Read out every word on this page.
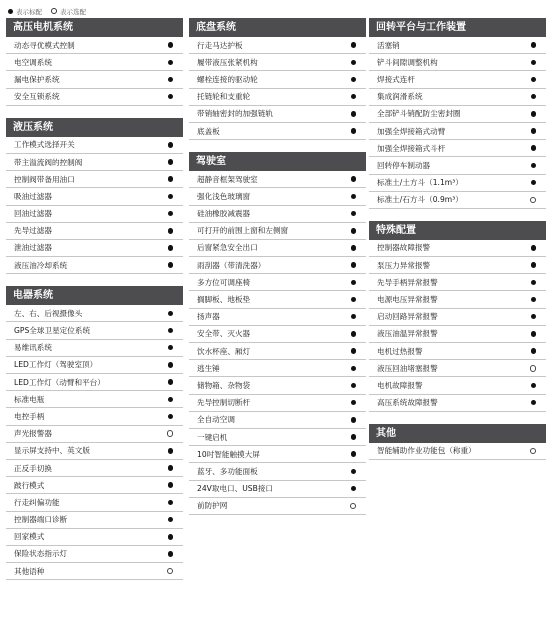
表示标配	表示选配
高压电机系统
动态寻优模式控制
电空调系统
漏电保护系统
安全互锁系统
液压系统
工作模式选择开关
带主溢流阀的控制阀
控制阀带备用油口
吸油过滤器
回油过滤器
先导过滤器
泄油过滤器
液压油冷却系统
电器系统
左、右、后视摄像头
GPS全球卫星定位系统
易维讯系统
LED工作灯（驾驶室顶）
LED工作灯（动臂和平台）
标准电瓶
电控手柄
声光报警器
显示屏支持中、英文版
正反手切换
跛行模式
行走纠偏功能
控制器端口诊断
回家模式
保险状态指示灯
其他语种
底盘系统
行走马达护板
履带液压张紧机构
螺栓连接的驱动轮
托链轮和支重轮
带销轴密封的加强链轨
底盖板
驾驶室
超静音框架驾驶室
强化浅色玻璃窗
硅油橡胶减震器
可打开的前围上窗和左侧窗
后窗紧急安全出口
雨刮器（带清洗器）
多方位可调座椅
搁脚板、地板垫
扬声器
安全带、灭火器
饮水杯座、厢灯
逃生锤
储物箱、杂物袋
先导控制切断杆
全自动空调
一键启机
10吋智能触摸大屏
蓝牙、多功能面板
24V取电口、USB接口
前防护网
回转平台与工作装置
活塞销
铲斗间隙调整机构
焊接式连杆
集成润滑系统
全部铲斗销配防尘密封圈
加强全焊接箱式动臂
加强全焊接箱式斗杆
回转停车制动器
标准土/土方斗（1.1m³）
标准土/石方斗（0.9m³）
特殊配置
控制器故障报警
泵压力异常报警
先导手柄异常报警
电源电压异常报警
启动回路异常报警
液压油温异常报警
电机过热报警
液压回油堵塞报警
电机故障报警
高压系统故障报警
其他
智能辅助作业功能包（称重）
